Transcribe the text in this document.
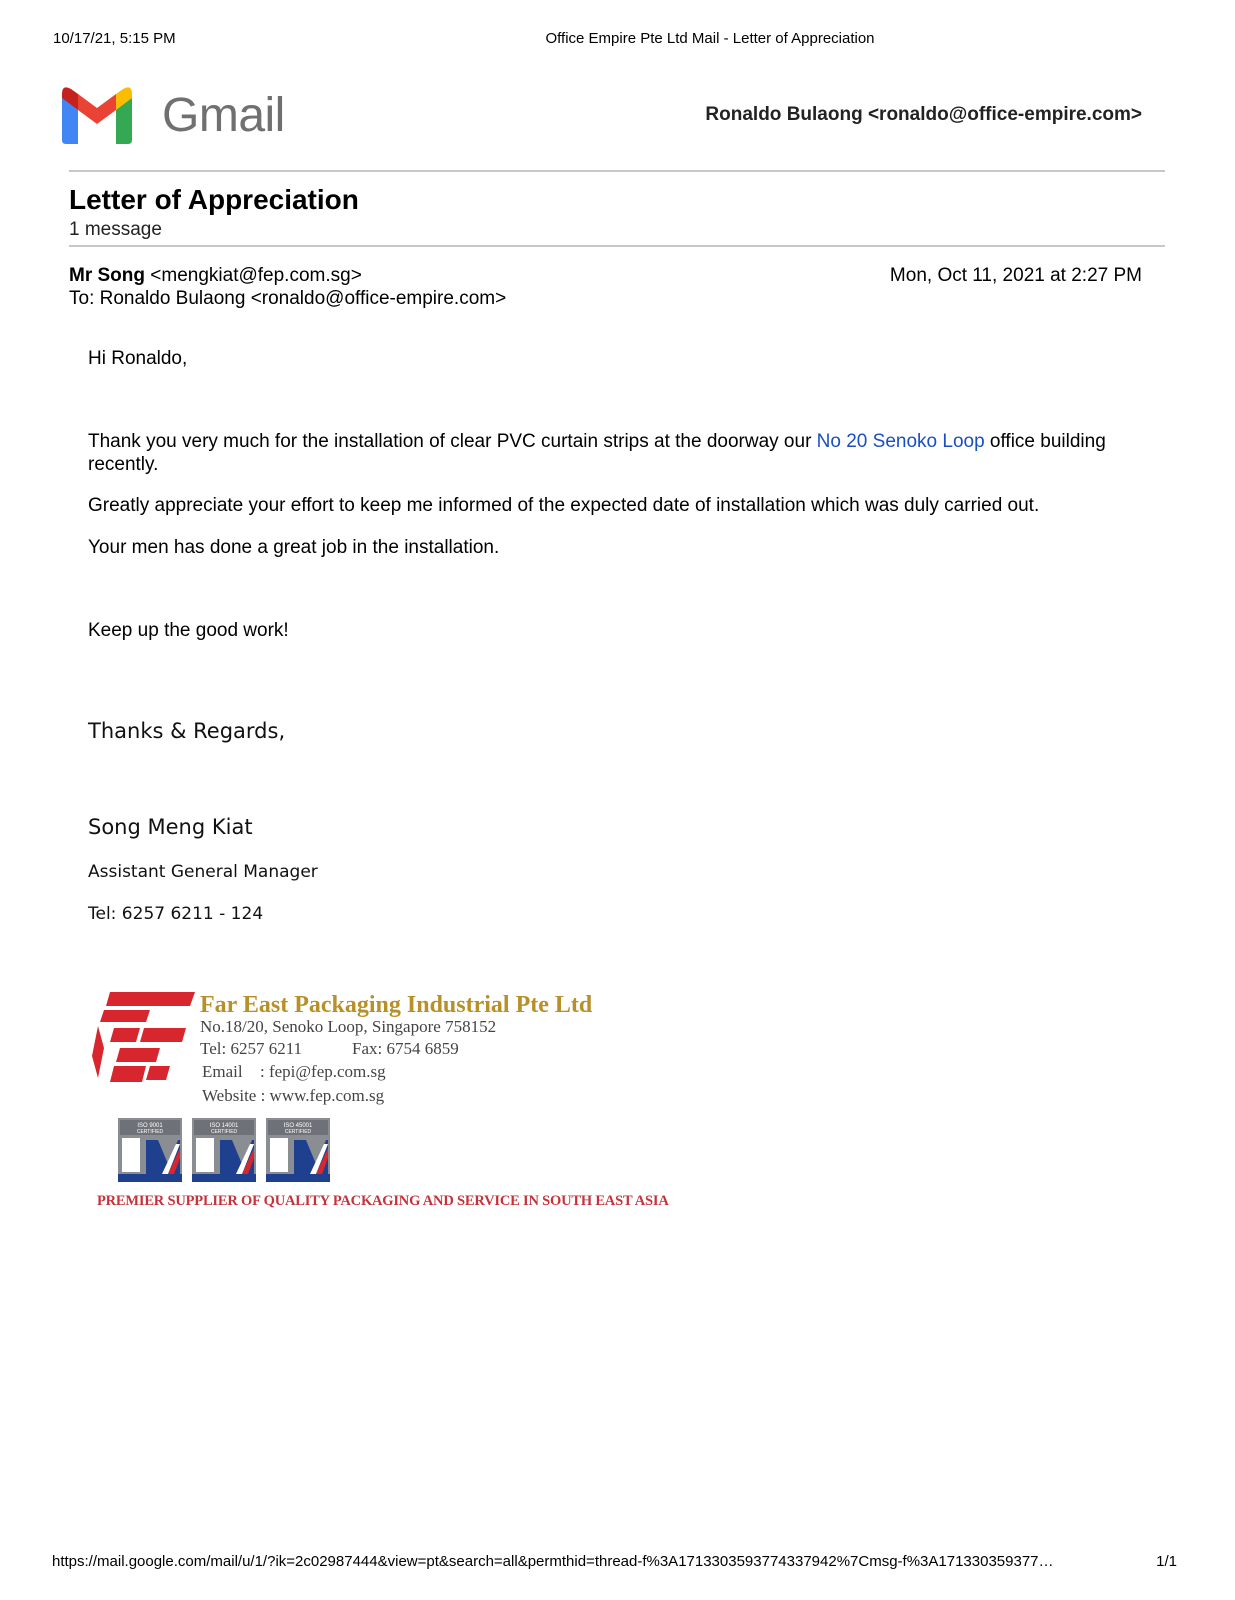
10/17/21, 5:15 PM	Office Empire Pte Ltd Mail - Letter of Appreciation
Gmail	Ronaldo Bulaong <ronaldo@office-empire.com>
Letter of Appreciation
1 message
Mr Song <mengkiat@fep.com.sg>
To: Ronaldo Bulaong <ronaldo@office-empire.com>
Mon, Oct 11, 2021 at 2:27 PM
Hi Ronaldo,
Thank you very much for the installation of clear PVC curtain strips at the doorway our No 20 Senoko Loop office building recently.
Greatly appreciate your effort to keep me informed of the expected date of installation which was duly carried out.
Your men has done a great job in the installation.
Keep up the good work!
Thanks & Regards,
Song Meng Kiat
Assistant General Manager
Tel: 6257 6211 - 124
Far East Packaging Industrial Pte Ltd
No.18/20, Senoko Loop, Singapore 758152
Tel: 6257 6211	Fax: 6754 6859
Email : fepi@fep.com.sg
Website : www.fep.com.sg
ISO 9001
CERTIFIED
ISO 14001
CERTIFIED
ISO 45001
CERTIFIED
PREMIER SUPPLIER OF QUALITY PACKAGING AND SERVICE IN SOUTH EAST ASIA
https://mail.google.com/mail/u/1/?ik=2c02987444&view=pt&search=all&permthid=thread-f%3A1713303593774337942%7Cmsg-f%3A171330359377…	1/1
